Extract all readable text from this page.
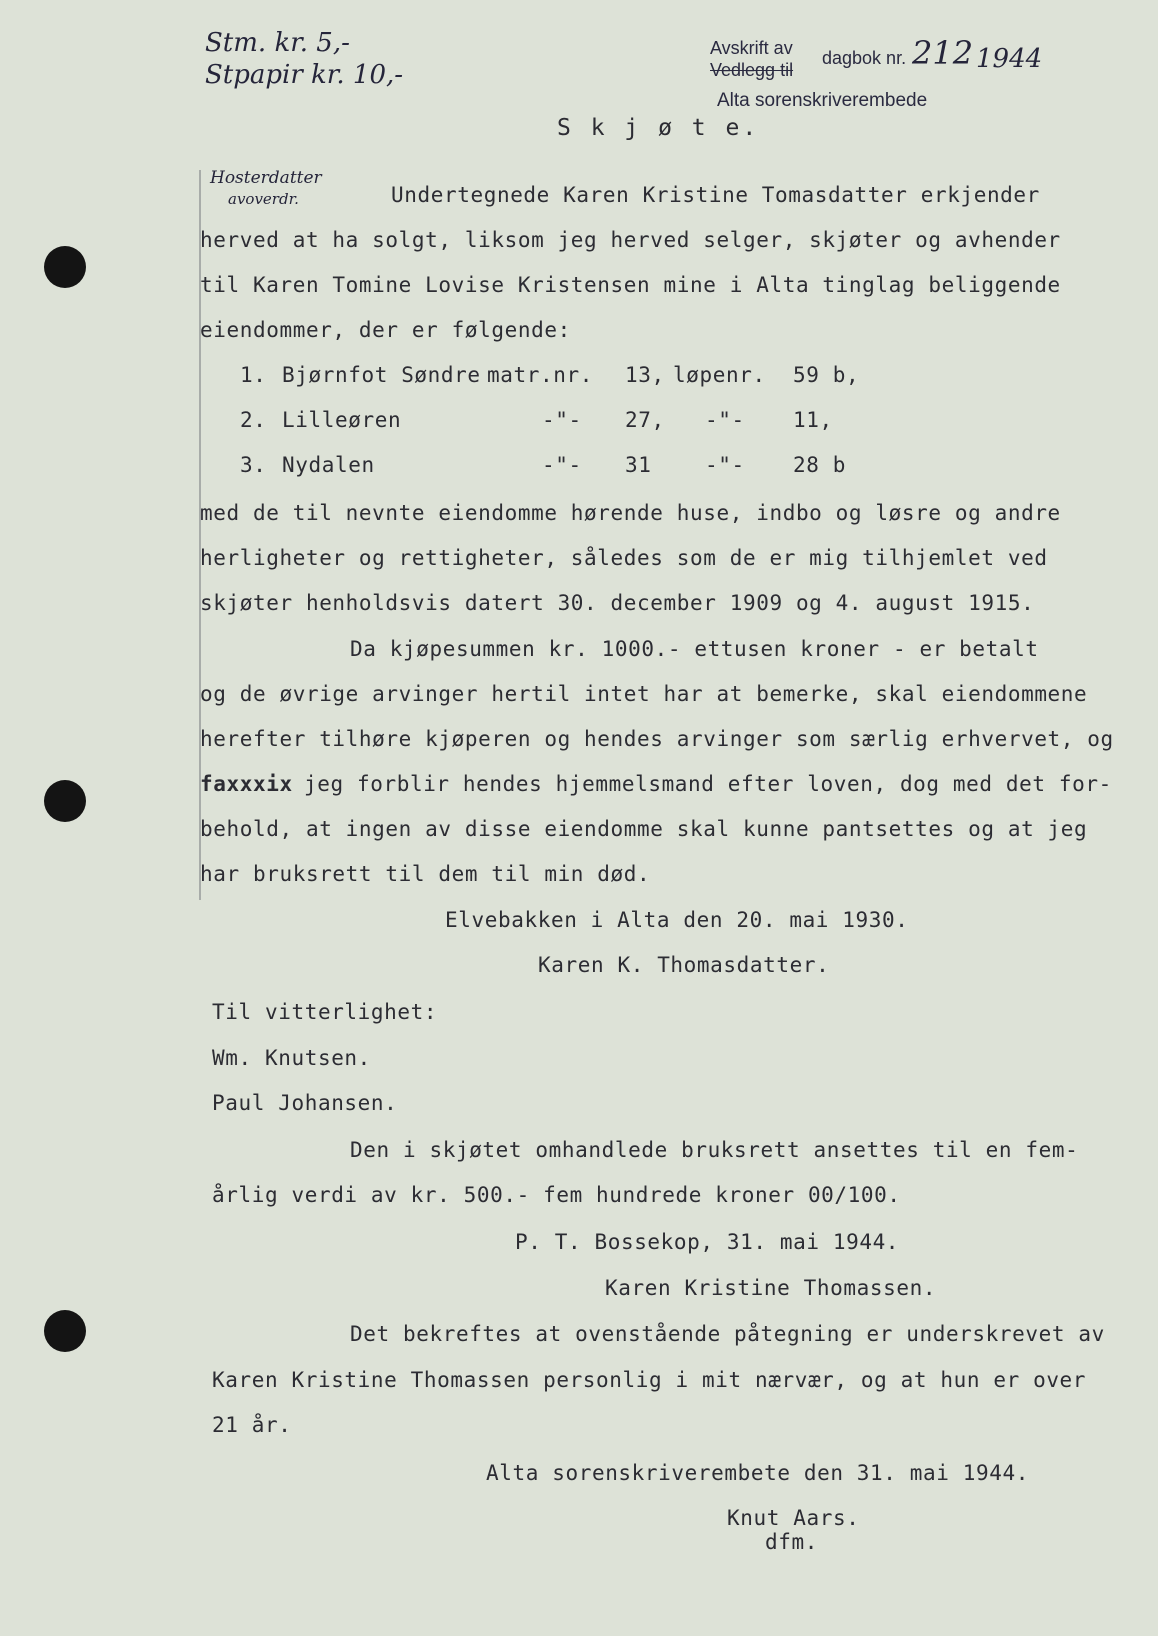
Stm. kr. 5,-
Stpapir kr. 10,-
Avskrift av
Vedlegg til
dagbok nr. 212 1944
Alta sorenskriverembede
S k j ø t e.
Hosterdatter
avoverdr.	Undertegnede Karen Kristine Tomasdatter erkjender
herved at ha solgt, liksom jeg herved selger, skjøter og avhender
til Karen Tomine Lovise Kristensen mine i Alta tinglag beliggende
eiendommer, der er følgende:
1. Bjørnfot Søndre matr.nr. 13, løpenr. 59 b,
2. Lilleøren	-"- 27, -"- 11,
3. Nydalen	-"- 31	-"- 28 b
med de til nevnte eiendomme hørende huse, indbo og løsre og andre
herligheter og rettigheter, således som de er mig tilhjemlet ved
skjøter henholdsvis datert 30. december 1909 og 4. august 1915.
Da kjøpesummen kr. 1000.- ettusen kroner - er betalt
og de øvrige arvinger hertil intet har at bemerke, skal eiendommene
herefter tilhøre kjøperen og hendes arvinger som særlig erhvervet, og
faxxxix jeg forblir hendes hjemmelsmand efter loven, dog med det for-
behold, at ingen av disse eiendomme skal kunne pantsettes og at jeg
har bruksrett til dem til min død.
Elvebakken i Alta den 20. mai 1930.
Karen K. Thomasdatter.
Til vitterlighet:
Wm. Knutsen.
Paul Johansen.
Den i skjøtet omhandlede bruksrett ansettes til en fem-
årlig verdi av kr. 500.- fem hundrede kroner 00/100.
P. T. Bossekop, 31. mai 1944.
Karen Kristine Thomassen.
Det bekreftes at ovenstående påtegning er underskrevet av
Karen Kristine Thomassen personlig i mit nærvær, og at hun er over
21 år.
Alta sorenskriverembete den 31. mai 1944.
Knut Aars.
dfm.
